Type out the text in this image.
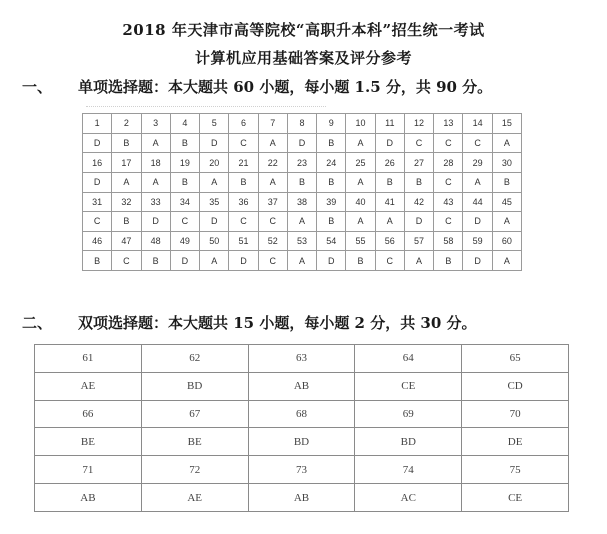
2018 年天津市高等院校“高职升本科”招生统一考试
计算机应用基础答案及评分参考
一、 单项选择题：本大题共 60 小题，每小题 1.5 分，共 90 分。
1	2	3	4	5	6	7	8	9	10	11	12	13	14	15
D	B	A	B	D	C	A	D	B	A	D	C	C	C	A
16	17	18	19	20	21	22	23	24	25	26	27	28	29	30
D	A	A	B	A	B	A	B	B	A	B	B	C	A	B
31	32	33	34	35	36	37	38	39	40	41	42	43	44	45
C	B	D	C	D	C	C	A	B	A	A	D	C	D	A
46	47	48	49	50	51	52	53	54	55	56	57	58	59	60
B	C	B	D	A	D	C	A	D	B	C	A	B	D	A
二、 双项选择题：本大题共 15 小题，每小题 2 分，共 30 分。
61	62	63	64	65
AE	BD	AB	CE	CD
66	67	68	69	70
BE	BE	BD	BD	DE
71	72	73	74	75
AB	AE	AB	AC	CE
